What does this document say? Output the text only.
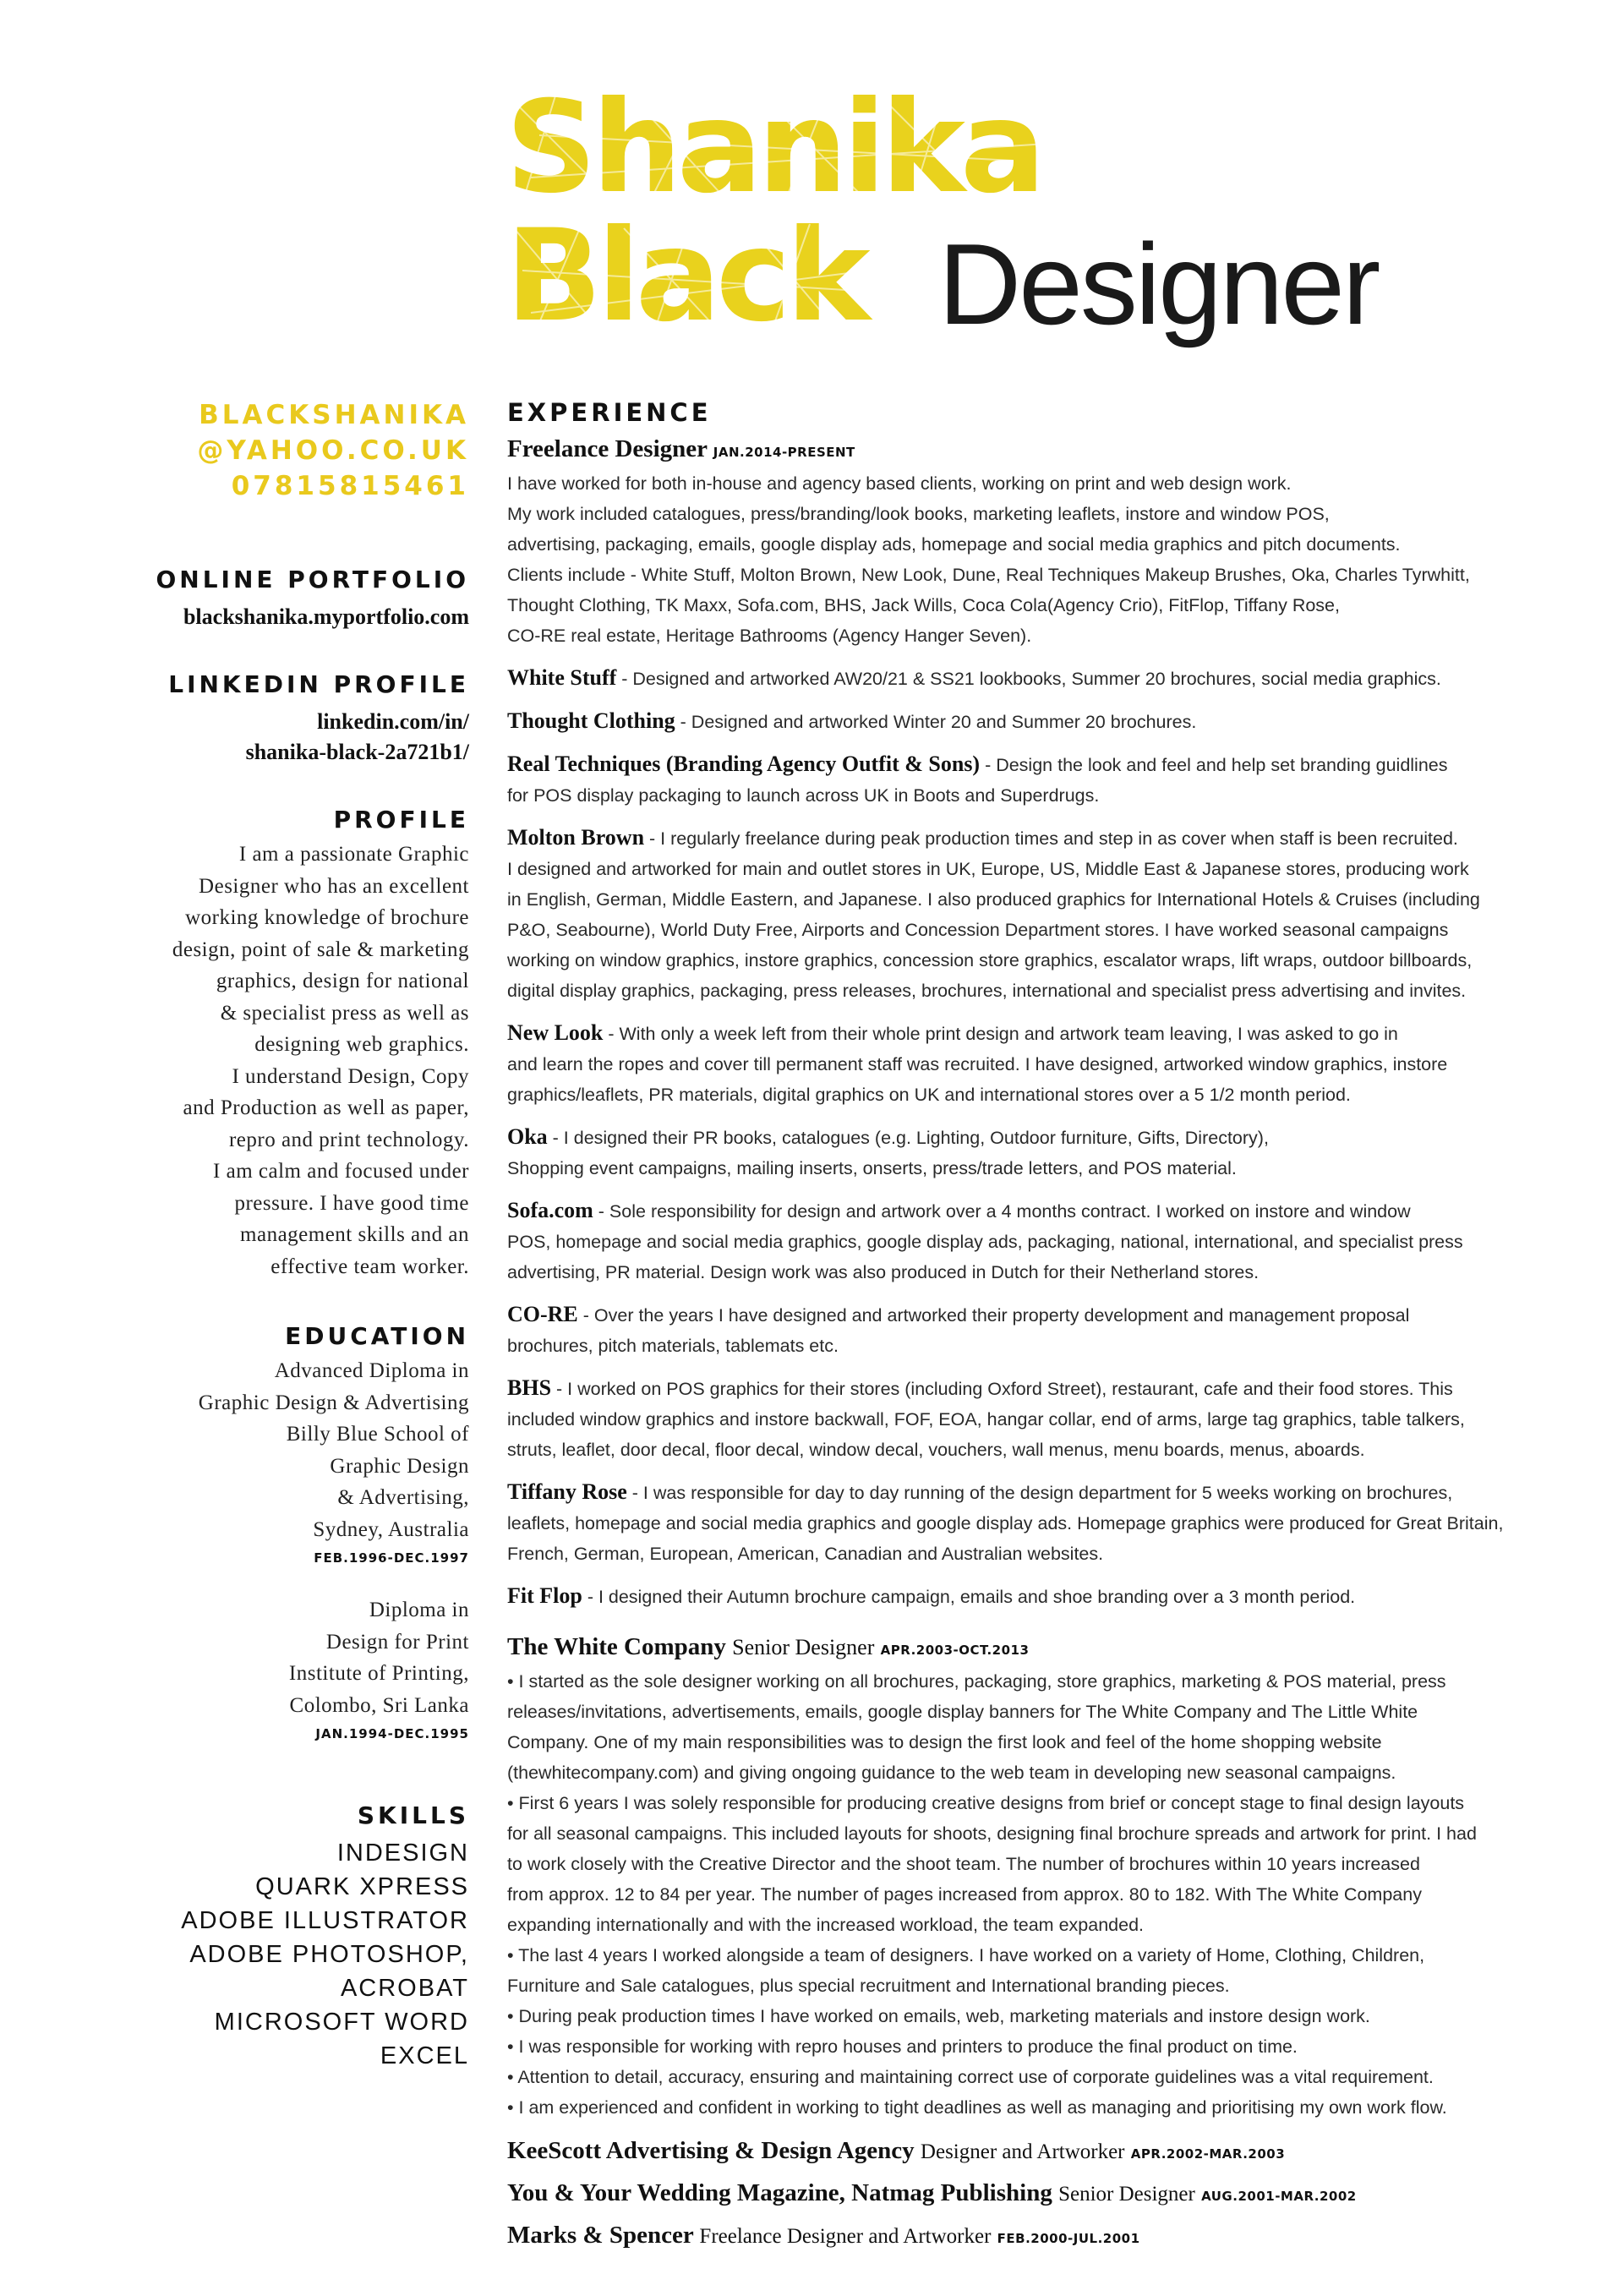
Shanika
Black Designer
BLACKSHANIKA
@YAHOO.CO.UK
07815815461
ONLINE PORTFOLIO
blackshanika.myportfolio.com
LINKEDIN PROFILE
linkedin.com/in/
shanika-black-2a721b1/
PROFILE
I am a passionate Graphic
Designer who has an excellent
working knowledge of brochure
design, point of sale & marketing
graphics, design for national
& specialist press as well as
designing web graphics.
I understand Design, Copy
and Production as well as paper,
repro and print technology.
I am calm and focused under
pressure. I have good time
management skills and an
effective team worker.
EDUCATION
Advanced Diploma in
Graphic Design & Advertising
Billy Blue School of
Graphic Design
& Advertising,
Sydney, Australia
FEB.1996-DEC.1997
Diploma in
Design for Print
Institute of Printing,
Colombo, Sri Lanka
JAN.1994-DEC.1995
SKILLS
INDESIGN
QUARK XPRESS
ADOBE ILLUSTRATOR
ADOBE PHOTOSHOP,
ACROBAT
MICROSOFT WORD
EXCEL
EXPERIENCE
Freelance Designer JAN.2014-PRESENT

I have worked for both in-house and agency based clients, working on print and web design work.

My work included catalogues, press/branding/look books, marketing leaflets, instore and window POS,

advertising, packaging, emails, google display ads, homepage and social media graphics and pitch documents.

Clients include - White Stuff, Molton Brown, New Look, Dune, Real Techniques Makeup Brushes, Oka, Charles Tyrwhitt,

Thought Clothing, TK Maxx, Sofa.com, BHS, Jack Wills, Coca Cola(Agency Crio), FitFlop, Tiffany Rose,

CO-RE real estate, Heritage Bathrooms (Agency Hanger Seven).

White Stuff - Designed and artworked AW20/21 & SS21 lookbooks, Summer 20 brochures, social media graphics.

Thought Clothing - Designed and artworked Winter 20 and Summer 20 brochures.

Real Techniques (Branding Agency Outfit & Sons) - Design the look and feel and help set branding guidlines

for POS display packaging to launch across UK in Boots and Superdrugs.

Molton Brown - I regularly freelance during peak production times and step in as cover when staff is been recruited.

I designed and artworked for main and outlet stores in UK, Europe, US, Middle East & Japanese stores, producing work

in English, German, Middle Eastern, and Japanese. I also produced graphics for International Hotels & Cruises (including

P&O, Seabourne), World Duty Free, Airports and Concession Department stores. I have worked seasonal campaigns

working on window graphics, instore graphics, concession store graphics, escalator wraps, lift wraps, outdoor billboards,

digital display graphics, packaging, press releases, brochures, international and specialist press advertising and invites.

New Look - With only a week left from their whole print design and artwork team leaving, I was asked to go in

and learn the ropes and cover till permanent staff was recruited. I have designed, artworked window graphics, instore

graphics/leaflets, PR materials, digital graphics on UK and international stores over a 5 1/2 month period.

Oka - I designed their PR books, catalogues (e.g. Lighting, Outdoor furniture, Gifts, Directory),

Shopping event campaigns, mailing inserts, onserts, press/trade letters, and POS material.

Sofa.com - Sole responsibility for design and artwork over a 4 months contract. I worked on instore and window

POS, homepage and social media graphics, google display ads, packaging, national, international, and specialist press

advertising, PR material. Design work was also produced in Dutch for their Netherland stores.

CO-RE - Over the years I have designed and artworked their property development and management proposal

brochures, pitch materials, tablemats etc.

BHS - I worked on POS graphics for their stores (including Oxford Street), restaurant, cafe and their food stores. This

included window graphics and instore backwall, FOF, EOA, hangar collar, end of arms, large tag graphics, table talkers,

struts, leaflet, door decal, floor decal, window decal, vouchers, wall menus, menu boards, menus, aboards.

Tiffany Rose - I was responsible for day to day running of the design department for 5 weeks working on brochures,

leaflets, homepage and social media graphics and google display ads. Homepage graphics were produced for Great Britain,

French, German, European, American, Canadian and Australian websites.

Fit Flop - I designed their Autumn brochure campaign, emails and shoe branding over a 3 month period.

The White Company Senior Designer APR.2003-OCT.2013

• I started as the sole designer working on all brochures, packaging, store graphics, marketing & POS material, press

releases/invitations, advertisements, emails, google display banners for The White Company and The Little White

Company. One of my main responsibilities was to design the first look and feel of the home shopping website

(thewhitecompany.com) and giving ongoing guidance to the web team in developing new seasonal campaigns.

• First 6 years I was solely responsible for producing creative designs from brief or concept stage to final design layouts

for all seasonal campaigns. This included layouts for shoots, designing final brochure spreads and artwork for print. I had

to work closely with the Creative Director and the shoot team. The number of brochures within 10 years increased

from approx. 12 to 84 per year. The number of pages increased from approx. 80 to 182. With The White Company

expanding internationally and with the increased workload, the team expanded.

• The last 4 years I worked alongside a team of designers. I have worked on a variety of Home, Clothing, Children,

Furniture and Sale catalogues, plus special recruitment and International branding pieces.

• During peak production times I have worked on emails, web, marketing materials and instore design work.

• I was responsible for working with repro houses and printers to produce the final product on time.

• Attention to detail, accuracy, ensuring and maintaining correct use of corporate guidelines was a vital requirement.

• I am experienced and confident in working to tight deadlines as well as managing and prioritising my own work flow.

KeeScott Advertising & Design Agency Designer and Artworker APR.2002-MAR.2003
You & Your Wedding Magazine, Natmag Publishing Senior Designer AUG.2001-MAR.2002
Marks & Spencer Freelance Designer and Artworker FEB.2000-JUL.2001
